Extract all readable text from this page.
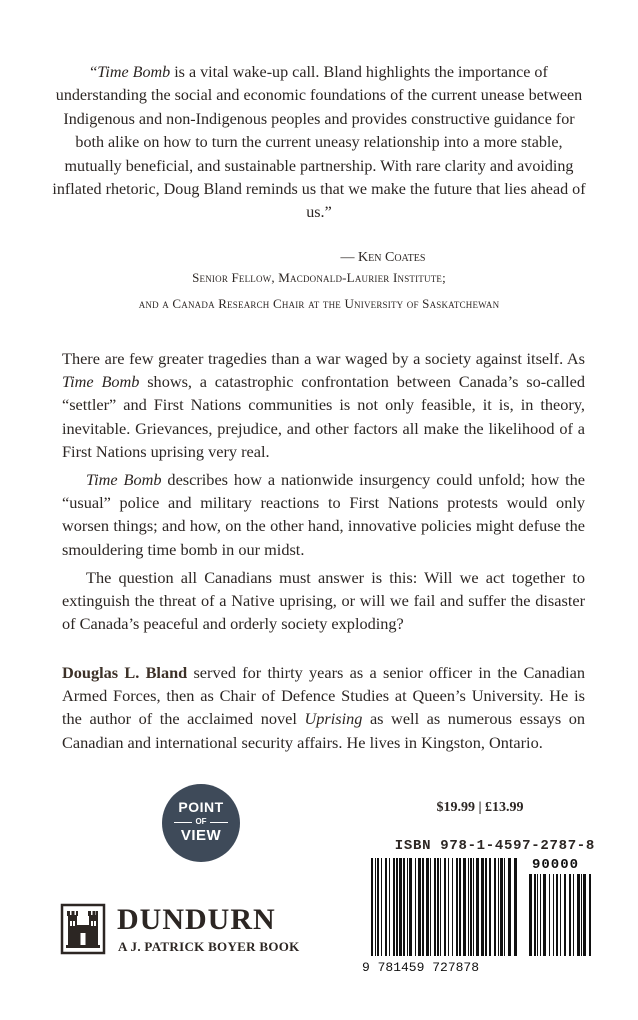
“Time Bomb is a vital wake-up call. Bland highlights the importance of understanding the social and economic foundations of the current unease between Indigenous and non-Indigenous peoples and provides constructive guidance for both alike on how to turn the current uneasy relationship into a more stable, mutually beneficial, and sustainable partnership. With rare clarity and avoiding inflated rhetoric, Doug Bland reminds us that we make the future that lies ahead of us.”

— Ken Coates
Senior Fellow, Macdonald-Laurier Institute;
and a Canada Research Chair at the University of Saskatchewan

There are few greater tragedies than a war waged by a society against itself. As Time Bomb shows, a catastrophic confrontation between Canada’s so-called “settler” and First Nations communities is not only feasible, it is, in theory, inevitable. Grievances, prejudice, and other factors all make the likelihood of a First Nations uprising very real.

Time Bomb describes how a nationwide insurgency could unfold; how the “usual” police and military reactions to First Nations protests would only worsen things; and how, on the other hand, innovative policies might defuse the smouldering time bomb in our midst.

The question all Canadians must answer is this: Will we act together to extinguish the threat of a Native uprising, or will we fail and suffer the disaster of Canada’s peaceful and orderly society exploding?

Douglas L. Bland served for thirty years as a senior officer in the Canadian Armed Forces, then as Chair of Defence Studies at Queen’s University. He is the author of the acclaimed novel Uprising as well as numerous essays on Canadian and international security affairs. He lives in Kingston, Ontario.

POINT
OF
VIEW
$19.99 | £13.99
ISBN 978-1-4597-2787-8
90000
9 781459 727878
DUNDURN
A J. PATRICK BOYER BOOK
